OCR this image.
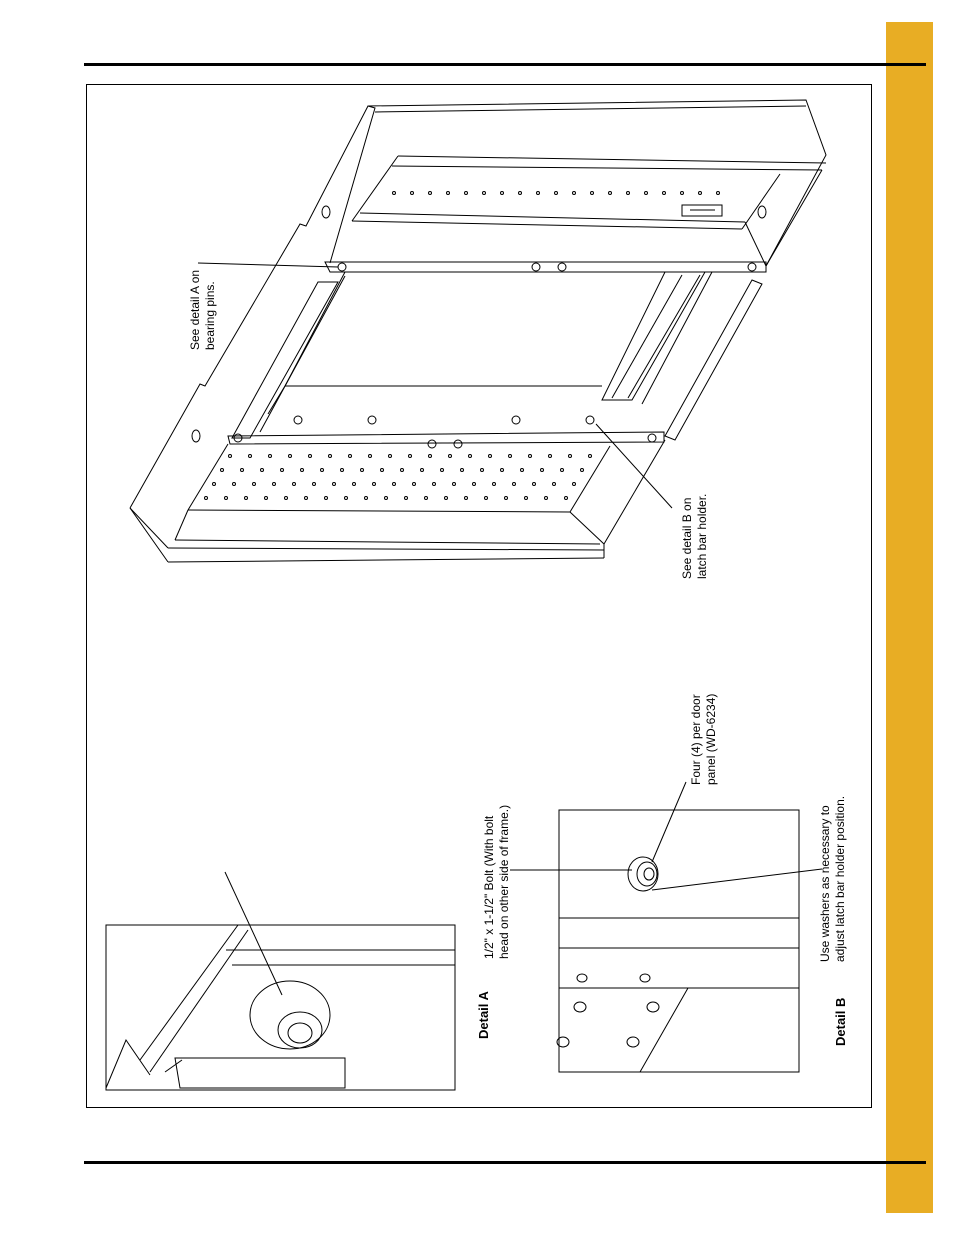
See detail A on
bearing pins.
See detail B on
latch bar holder.
1/2" x 1-1/2" Bolt (With bolt
head on other side of frame.)
Four (4) per door
panel (WD-6234)
Use washers as necessary to
adjust latch bar holder position.
Detail A	Detail B
